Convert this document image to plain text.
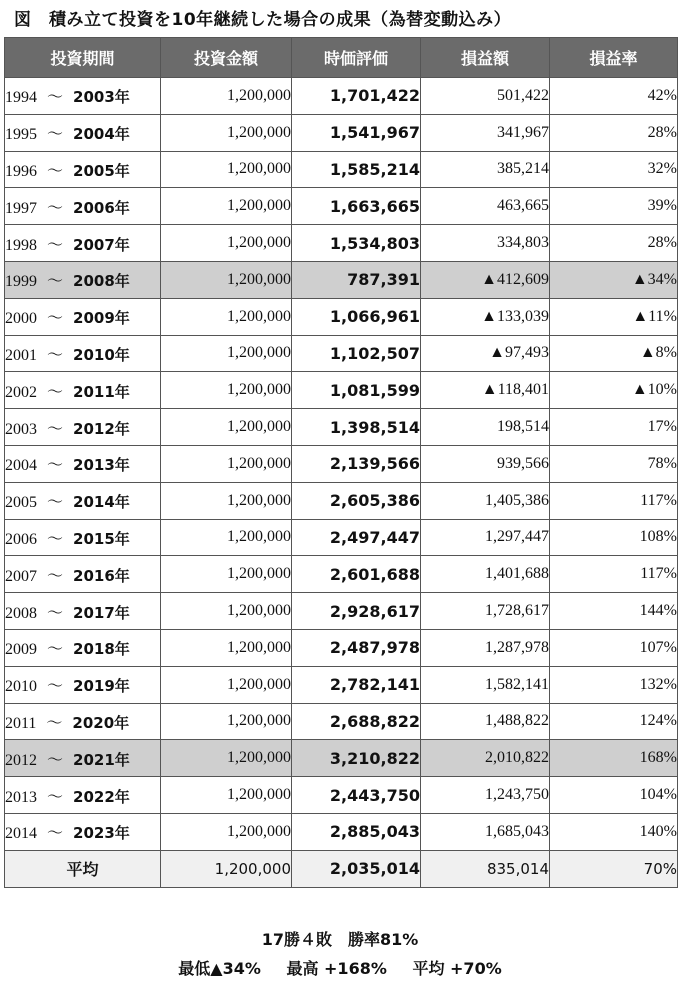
図　積み立て投資を10年継続した場合の成果（為替変動込み）
投資期間	投資金額	時価評価	損益額	損益率
1994 ～ 2003年	1,200,000	1,701,422	501,422	42%
1995 ～ 2004年	1,200,000	1,541,967	341,967	28%
1996 ～ 2005年	1,200,000	1,585,214	385,214	32%
1997 ～ 2006年	1,200,000	1,663,665	463,665	39%
1998 ～ 2007年	1,200,000	1,534,803	334,803	28%
1999 ～ 2008年	1,200,000	787,391	▲412,609	▲34%
2000 ～ 2009年	1,200,000	1,066,961	▲133,039	▲11%
2001 ～ 2010年	1,200,000	1,102,507	▲97,493	▲8%
2002 ～ 2011年	1,200,000	1,081,599	▲118,401	▲10%
2003 ～ 2012年	1,200,000	1,398,514	198,514	17%
2004 ～ 2013年	1,200,000	2,139,566	939,566	78%
2005 ～ 2014年	1,200,000	2,605,386	1,405,386	117%
2006 ～ 2015年	1,200,000	2,497,447	1,297,447	108%
2007 ～ 2016年	1,200,000	2,601,688	1,401,688	117%
2008 ～ 2017年	1,200,000	2,928,617	1,728,617	144%
2009 ～ 2018年	1,200,000	2,487,978	1,287,978	107%
2010 ～ 2019年	1,200,000	2,782,141	1,582,141	132%
2011 ～ 2020年	1,200,000	2,688,822	1,488,822	124%
2012 ～ 2021年	1,200,000	3,210,822	2,010,822	168%
2013 ～ 2022年	1,200,000	2,443,750	1,243,750	104%
2014 ～ 2023年	1,200,000	2,885,043	1,685,043	140%
平均	1,200,000	2,035,014	835,014	70%
17勝４敗　勝率81%
最低▲34% 最高 +168% 平均 +70%
